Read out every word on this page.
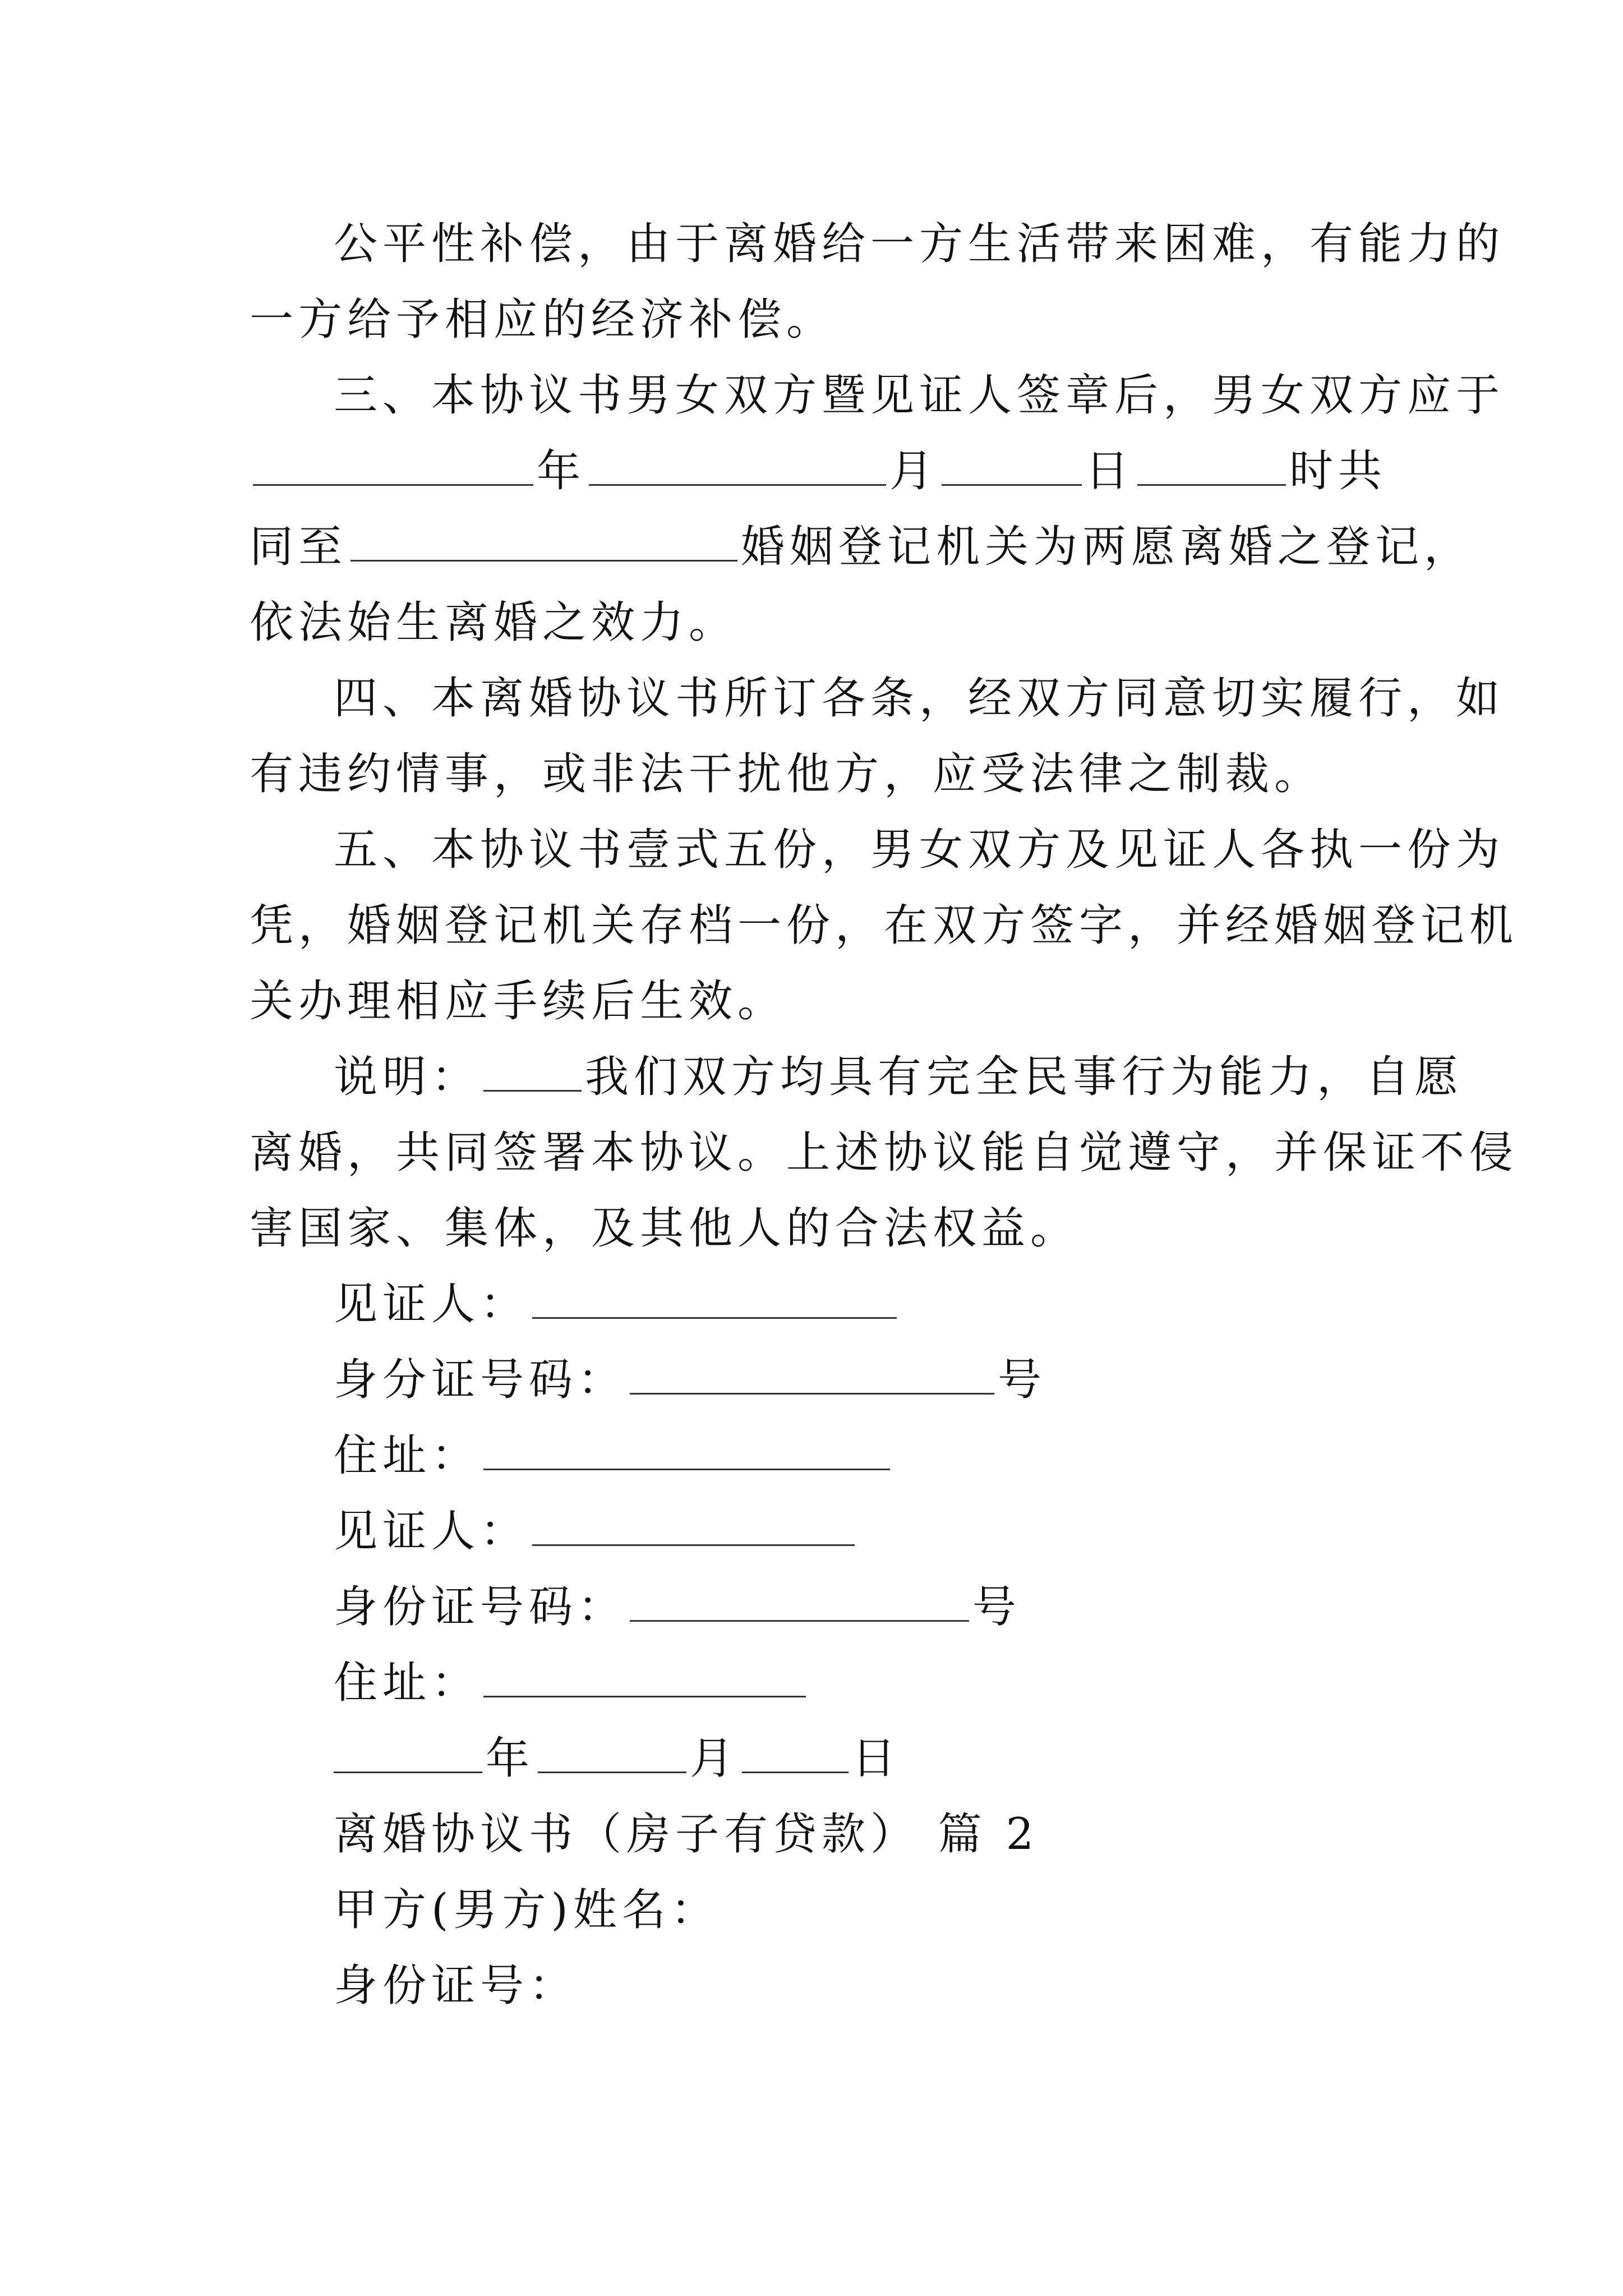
公平性补偿，由于离婚给一方生活带来困难，有能力的
一方给予相应的经济补偿。
三、本协议书男女双方暨见证人签章后，男女双方应于
年	月	日	时共
同至	婚姻登记机关为两愿离婚之登记，
依法始生离婚之效力。
四、本离婚协议书所订各条，经双方同意切实履行，如
有违约情事，或非法干扰他方，应受法律之制裁。
五、本协议书壹式五份，男女双方及见证人各执一份为
凭，婚姻登记机关存档一份，在双方签字，并经婚姻登记机
关办理相应手续后生效。
说明： 我们双方均具有完全民事行为能力，自愿
离婚，共同签署本协议。上述协议能自觉遵守，并保证不侵
害国家、集体，及其他人的合法权益。
见证人：
身分证号码：	号
住址：
见证人：
身份证号码：	号
住址：
年	月	日
离婚协议书（房子有贷款） 篇 2
甲方(男方)姓名：
身份证号：
